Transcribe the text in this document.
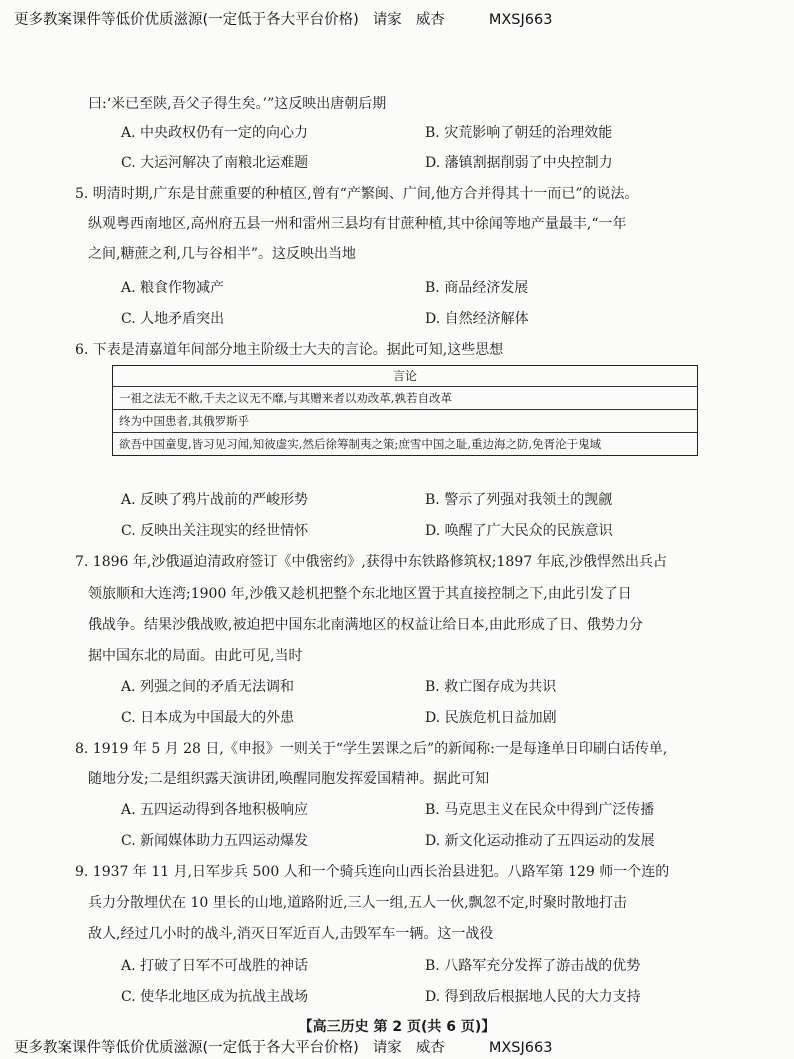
更多教案课件等低价优质滋源(一定低于各大平台价格) 请家 威杏	MXSJ663
曰:‘米已至陕,吾父子得生矣。’”这反映出唐朝后期
A. 中央政权仍有一定的向心力	B. 灾荒影响了朝廷的治理效能
C. 大运河解决了南粮北运难题	D. 藩镇割据削弱了中央控制力
5. 明清时期,广东是甘蔗重要的种植区,曾有“产繁闽、广间,他方合并得其十一而已”的说法。
纵观粤西南地区,高州府五县一州和雷州三县均有甘蔗种植,其中徐闻等地产量最丰,“一年
之间,糖蔗之利,几与谷相半”。这反映出当地
A. 粮食作物减产	B. 商品经济发展
C. 人地矛盾突出	D. 自然经济解体
6. 下表是清嘉道年间部分地主阶级士大夫的言论。据此可知,这些思想
言论
一祖之法无不敝,千夫之议无不靡,与其赠来者以劝改革,孰若自改革
终为中国患者,其俄罗斯乎
欲吾中国童叟,皆习见习闻,知彼虚实,然后徐筹制夷之策;庶雪中国之耻,重边海之防,免胥沦于鬼域
A. 反映了鸦片战前的严峻形势	B. 警示了列强对我领土的觊觎
C. 反映出关注现实的经世情怀	D. 唤醒了广大民众的民族意识
7. 1896 年,沙俄逼迫清政府签订《中俄密约》,获得中东铁路修筑权;1897 年底,沙俄悍然出兵占
领旅顺和大连湾;1900 年,沙俄又趁机把整个东北地区置于其直接控制之下,由此引发了日
俄战争。结果沙俄战败,被迫把中国东北南满地区的权益让给日本,由此形成了日、俄势力分
据中国东北的局面。由此可见,当时
A. 列强之间的矛盾无法调和	B. 救亡图存成为共识
C. 日本成为中国最大的外患	D. 民族危机日益加剧
8. 1919 年 5 月 28 日,《申报》一则关于“学生罢课之后”的新闻称:一是每逢单日印刷白话传单,
随地分发;二是组织露天演讲团,唤醒同胞发挥爱国精神。据此可知
A. 五四运动得到各地积极响应	B. 马克思主义在民众中得到广泛传播
C. 新闻媒体助力五四运动爆发	D. 新文化运动推动了五四运动的发展
9. 1937 年 11 月,日军步兵 500 人和一个骑兵连向山西长治县进犯。八路军第 129 师一个连的
兵力分散埋伏在 10 里长的山地,道路附近,三人一组,五人一伙,飘忽不定,时聚时散地打击
敌人,经过几小时的战斗,消灭日军近百人,击毁军车一辆。这一战役
A. 打破了日军不可战胜的神话	B. 八路军充分发挥了游击战的优势
C. 使华北地区成为抗战主战场	D. 得到敌后根据地人民的大力支持
【高三历史 第 2 页(共 6 页)】
更多教案课件等低价优质滋源(一定低于各大平台价格) 请家 威杏	MXSJ663
